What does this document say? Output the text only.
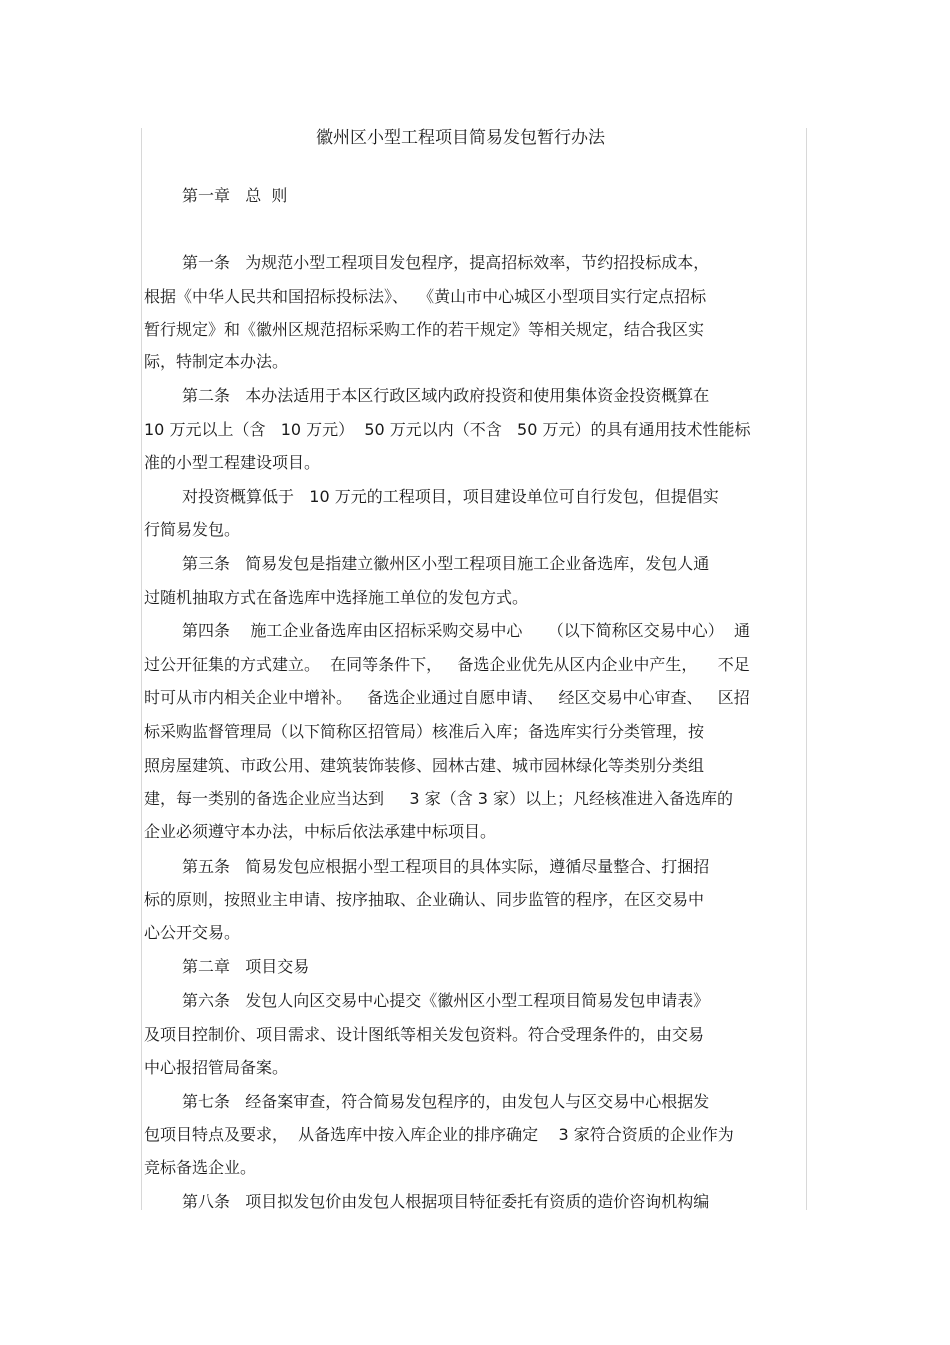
徽州区小型工程项目简易发包暂行办法
第一章   总  则
第一条   为规范小型工程项目发包程序，提高招标效率，节约招投标成本，
根据《中华人民共和国招标投标法》、  《黄山市中心城区小型项目实行定点招标
暂行规定》和《徽州区规范招标采购工作的若干规定》等相关规定，结合我区实
际，特制定本办法。
第二条   本办法适用于本区行政区域内政府投资和使用集体资金投资概算在
10 万元以上（含   10 万元）  50 万元以内（不含   50 万元）的具有通用技术性能标
准的小型工程建设项目。
对投资概算低于   10 万元的工程项目，项目建设单位可自行发包，但提倡实
行简易发包。
第三条   简易发包是指建立徽州区小型工程项目施工企业备选库，发包人通
过随机抽取方式在备选库中选择施工单位的发包方式。
第四条    施工企业备选库由区招标采购交易中心     （以下简称区交易中心）  通
过公开征集的方式建立。  在同等条件下，   备选企业优先从区内企业中产生，    不足
时可从市内相关企业中增补。   备选企业通过自愿申请、   经区交易中心审查、   区招
标采购监督管理局（以下简称区招管局）核准后入库；备选库实行分类管理，按
照房屋建筑、市政公用、建筑装饰装修、园林古建、城市园林绿化等类别分类组
建，每一类别的备选企业应当达到     3 家（含 3 家）以上；凡经核准进入备选库的
企业必须遵守本办法，中标后依法承建中标项目。
第五条   简易发包应根据小型工程项目的具体实际，遵循尽量整合、打捆招
标的原则，按照业主申请、按序抽取、企业确认、同步监管的程序，在区交易中
心公开交易。
第二章   项目交易
第六条   发包人向区交易中心提交《徽州区小型工程项目简易发包申请表》
及项目控制价、项目需求、设计图纸等相关发包资料。符合受理条件的，由交易
中心报招管局备案。
第七条   经备案审查，符合简易发包程序的，由发包人与区交易中心根据发
包项目特点及要求，  从备选库中按入库企业的排序确定    3 家符合资质的企业作为
竞标备选企业。
第八条   项目拟发包价由发包人根据项目特征委托有资质的造价咨询机构编
